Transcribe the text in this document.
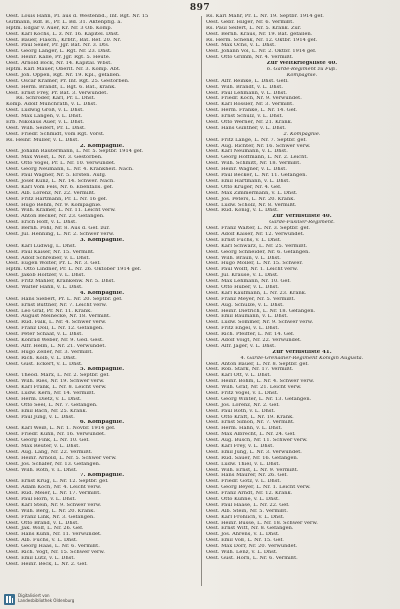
897
Oest. Louis Hahn, Pl. aus d. Westenbd., Inf. Rgt. Nr. 15
Gutmann, Rdf. B., Pr. L. Bd. 31. Aktenpflg. a.
Hptm. Edgar v. Auer, Kr. Nr. 3 Ob. Komp.
Oest. Karl Kochs, L. z. Nr. 16. Kapitel. Dhst.
Oest. Bauer, Flasch., Krbtr., Bat. Ref. 20. Nr.
Oest. Paul Seiler, Pr. Jgr. Bat. Nr. 3. Dts.
Oest. Georg Langer, L. Rgt. Nr. 23. Dhst.
Oest. Heinr. Kalle, Pr. Jgr. Rgt. 5. Heute.
Oest. Arnold Bock, Nr. 14. Kapital. Wbst.
Hptm. Karl Mauer, Oberlt. Nr. 3. Komp. Abt.
Oest. Joh. Oppen, Rgt. Nr. 19. Kpl., gefallen.
Oest. Oscar Kramer, Pr. Inf. Rgt. 25. Gestorben.
Oest. Herm. Brandt, L. Rgt. 6. Bat., krank.
Oest. Ernst Frey, Pr. Bat. 3. Verwundet.
Rs. Schröder, Karl, Pr. L. Dhst.
Komp. Adolf Münchrath, v. L. Dhst.
Oest. Ludwig Groß, v. L. Dhst.
Oest. Max Langen, v. L. Dhst.
Erb. Nikolaus Auer, v. L. Dhst.
Oest. Wilh. Seifert, Pr. L. Dhst.
Oest. Friedr. Schmidt, vom Rgt. Vorst.
Rs. Heinr. Müller, v. L. Dhst.
2. Kompagnie.
Oest. Johann Rautermann, L. Nr. 5. Septbr. 1914 gef.
Oest. Max Wiest, L. Nr. 3. Gestorben.
Oest. Otto Vogel, Pr. L. Nr. 10. Verwundet.
Oest. Georg Neumann, L. Nr. 4. Krankheit. Nach.
Oest. Paul Wagner, Nr. 5. Ersten. Aufg.
Oest. Josef Kunz, L. Nr. 14. Schwer. Nach.
Oest. Karl Vom Fels, Nr. 6. Ebenfalls. gef.
Oest. Alb. Lorenz, Nr. 22. Vermißt.
Oest. Fritz Hartmann, Pr. L. Nr. 16 gef.
Oest. Hugo Rehm, Nr. 9. Kompagnie.
Oest. Wilh. Krämer, L. Nr. 11. Leicht verw.
Oest. Anton Becker, Nr. 23. Gefangen.
Oest. Erich Hoff, v. L. Dhst.
Oest. Bernh. Pohl, Nr. 8. Aus d. Gef. zur.
Oest. Jul. Henning, L. Nr. 2. Schwer verw.
3. Kompagnie.
Oest. Karl Ludwig, L. Dhst.
Oest. Paul Kaiser, Nr. 15. Vermißt.
Oest. Adolf Schreiber, v. L. Dhst.
Oest. Eugen Wolter, Pr. L. Nr. 3. Gef.
Hptm. Otto Lindner, Pr. L. Nr. 26. Oktober 1914 gef.
Oest. Jakob Holtzer, v. L. Dhst.
Oest. Fritz Mahler, Krankenw. Nr. 5. Dhst.
Oest. Walter Hahn, v. L. Dhst.
4. Kompagnie.
Oest. Hans Siebert, Pr. L. Nr. 20. Septbr. gef.
Oest. Ernst Büttner, Nr. 7. Leicht verw.
Oest. Leo Graf, Pr. Nr. 11. Krank.
Oest. August Meinecke, Nr. 18. Vermißt.
Oest. Rud. Falk, L. Nr. 4. Schwer verw.
Oest. Franz Doll, L. Nr. 12. Gefangen.
Oest. Peter Schaaf, v. L. Dhst.
Oest. Konrad Weber, Nr. 9. Ged. Gest.
Oest. Alfr. Helm, L. Nr. 21. Verwundet.
Oest. Hugo Zeller, Nr. 3. Vermißt.
Oest. Rich. Kolb, v. L. Dhst.
Oest. Gust. Eckert, v. L. Dhst.
5. Kompagnie.
Oest. Theod. Marx, L. Nr. 2. Septbr. gef.
Oest. Wilh. Ries, Nr. 19. Schwer verw.
Oest. Karl Frank, L. Nr. 8. Leicht verw.
Oest. Ludw. Kern, Nr. 14. Vermißt.
Oest. Herm. Dietz, v. L. Dhst.
Oest. Otto Seel, L. Nr. 7. Gefangen.
Oest. Emil Bach, Nr. 25. Krank.
Oest. Paul Jung, v. L. Dhst.
6. Kompagnie.
Oest. Karl Weiß, L. Nr. 1. Novbr. 1914 gef.
Oest. Friedr. Kühn, Nr. 16. Verwundet.
Oest. Georg Fink, L. Nr. 10. Gef.
Oest. Max Reuter, v. L. Dhst.
Oest. Aug. Lang, Nr. 22. Vermißt.
Oest. Heinr. Arnold, L. Nr. 5. Schwer verw.
Oest. Jos. Schäfer, Nr. 13. Gefangen.
Oest. Wilh. Roth, v. L. Dhst.
7. Kompagnie.
Oest. Ernst Krug, L. Nr. 12. Septbr. gef.
Oest. Adam Koch, Nr. 4. Leicht verw.
Oest. Rud. Meier, L. Nr. 17. Vermißt.
Oest. Paul Horn, v. L. Dhst.
Oest. Karl Stein, Nr. 9. Schwer verw.
Oest. Wilh. Berg, L. Nr. 20. Krank.
Oest. Franz Link, Nr. 3. Gefangen.
Oest. Otto Brand, v. L. Dhst.
Oest. Jak. Wolf, L. Nr. 26. Gef.
Oest. Hans Kuhn, Nr. 11. Verwundet.
Oest. Alb. Fuchs, v. L. Dhst.
Oest. Georg Haas, L. Nr. 6. Vermißt.
Oest. Rich. Vogt, Nr. 15. Schwer verw.
Oest. Emil Lutz, v. L. Dhst.
Oest. Heinr. Beck, L. Nr. 2. Gef.
Rs. Karl Mahr, Pr. L. Nr. 19. Septbr. 1914 gef.
Oest. Gebr. Hilger, Nr. 6. Vermißt.
Rs. Paul Seifert, L. Nr. 5. Krank. Zur.
Oest. Bernh. Kraus, Nr. 19. Bat. gefallen.
Rs. Herm. Schenk, Nr. 12. Oktbr. 1914 gef.
Oest. Max Ochs, v. L. Dhst.
Oest. Johann Vol, L. Nr. 2. Oktbr. 1914 gef.
Oest. Otto Grimm, Nr. 4. Vermißt.
Zur Weltkriegsliste 40.
6. Garde-Regiment zu Fuß.
Kompagnie.
Oest. Alfr. Reinke, L. Dhst. Gefl.
Oest. Wilh. Brandt, v. L. Dhst.
Oest. Paul Lehmann, v. L. Dhst.
Oest. Friedr. Koch, Nr. 9. Verwundet.
Oest. Karl Rössler, Nr. 3. Vermißt.
Oest. Herm. Franke, L. Nr. 14. Gef.
Oest. Ernst Schulz, v. L. Dhst.
Oest. Otto Werner, Nr. 21. Krank.
Oest. Hans Günther, v. L. Dhst.
2. Kompagnie.
Oest. Fritz Lange, L. Nr. 7. Septbr. gef.
Oest. Aug. Richter, Nr. 16. Schwer verw.
Oest. Karl Neumann, v. L. Dhst.
Oest. Georg Hoffmann, L. Nr. 2. Leicht.
Oest. Wilh. Schmitt, Nr. 18. Vermißt.
Oest. Heinr. Wagner, v. L. Dhst.
Oest. Paul Becker, L. Nr. 11. Gefangen.
Oest. Emil Hartmann, v. L. Dhst.
Oest. Otto Krüger, Nr. 4. Gef.
Oest. Max Zimmermann, v. L. Dhst.
Oest. Jos. Peters, L. Nr. 20. Krank.
Oest. Ludw. Scholz, Nr. 8. Vermißt.
Oest. Rud. König, v. L. Dhst.
Zur Verlustliste 40.
Garde-Füsilier-Regiment.
Oest. Franz Walter, L. Nr. 3. Septbr. gef.
Oest. Adolf Kaiser, Nr. 12. Verwundet.
Oest. Ernst Fuchs, v. L. Dhst.
Oest. Karl Schwarz, L. Nr. 25. Vermißt.
Oest. Georg Schneider, Nr. 6. Gefangen.
Oest. Wilh. Braun, v. L. Dhst.
Oest. Hugo Möller, L. Nr. 15. Schwer.
Oest. Paul Wolff, Nr. 1. Leicht verw.
Oest. Jul. Krause, v. L. Dhst.
Oest. Max Lehmann, Nr. 10. Gef.
Oest. Otto Huber, v. L. Dhst.
Oest. Karl Kaufmann, L. Nr. 23. Krank.
Oest. Franz Meyer, Nr. 5. Vermißt.
Oest. Aug. Schulze, v. L. Dhst.
Oest. Heinr. Dietrich, L. Nr. 18. Gefangen.
Oest. Emil Baumann, v. L. Dhst.
Oest. Ludw. Sommer, Nr. 9. Schwer verw.
Oest. Fritz Engel, v. L. Dhst.
Oest. Rich. Pfeiffer, L. Nr. 14. Gef.
Oest. Adolf Voigt, Nr. 22. Verwundet.
Oest. Alfr. Jäger, v. L. Dhst.
Zur Verlustliste 41.
4. Garde-Grenadier-Regiment Königin Augusta.
Oest. Anton Bauer, L. Nr. 8. Septbr. gef.
Oest. Rob. Stark, Nr. 17. Vermißt.
Oest. Karl Ott, v. L. Dhst.
Oest. Heinr. Böhm, L. Nr. 4. Schwer verw.
Oest. Wilh. Graf, Nr. 21. Leicht verw.
Oest. Fritz Vogel, v. L. Dhst.
Oest. Georg Winter, L. Nr. 13. Gefangen.
Oest. Jos. Lorenz, Nr. 2. Gef.
Oest. Paul Roth, v. L. Dhst.
Oest. Otto Kraft, L. Nr. 19. Krank.
Oest. Ernst Simon, Nr. 7. Vermißt.
Oest. Herm. Hahn, v. L. Dhst.
Oest. Max Albrecht, L. Nr. 24. Gef.
Oest. Aug. Busch, Nr. 11. Schwer verw.
Oest. Karl Frey, v. L. Dhst.
Oest. Emil Jung, L. Nr. 3. Verwundet.
Oest. Rud. Sauer, Nr. 16. Gefangen.
Oest. Ludw. Thiel, v. L. Dhst.
Oest. Wilh. Ernst, L. Nr. 9. Vermißt.
Oest. Hans Maurer, Nr. 26. Gef.
Oest. Friedr. Götz, v. L. Dhst.
Oest. Georg Beyer, L. Nr. 1. Leicht verw.
Oest. Franz Arndt, Nr. 12. Krank.
Oest. Otto Kühne, v. L. Dhst.
Oest. Paul Haase, L. Nr. 22. Gef.
Oest. Alb. Stein, Nr. 5. Vermißt.
Oest. Karl Fröhlich, v. L. Dhst.
Oest. Heinr. Busse, L. Nr. 18. Schwer verw.
Oest. Ernst Witt, Nr. 8. Gefangen.
Oest. Jos. Ahrens, v. L. Dhst.
Oest. Emil Voß, L. Nr. 15. Gef.
Oest. Max Dörr, Nr. 20. Verwundet.
Oest. Wilh. Lenz, v. L. Dhst.
Oest. Gust. Horn, L. Nr. 6. Vermißt.
Digitalisiert von
Landesbibliothek Oldenburg
